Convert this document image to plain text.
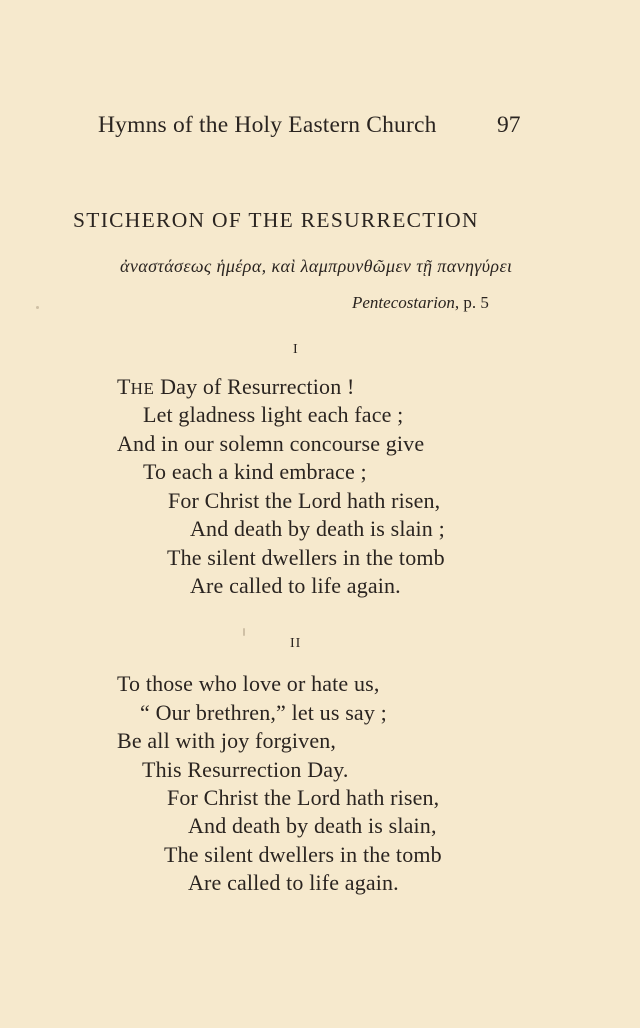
Hymns of the Holy Eastern Church	97
STICHERON OF THE RESURRECTION
ἀναστάσεως ἡμέρα, καὶ λαμπρυνθῶμεν τῇ πανηγύρει
Pentecostarion, p. 5
I
THE Day of Resurrection !
Let gladness light each face ;
And in our solemn concourse give
To each a kind embrace ;
For Christ the Lord hath risen,
And death by death is slain ;
The silent dwellers in the tomb
Are called to life again.
II
To those who love or hate us,
“ Our brethren,” let us say ;
Be all with joy forgiven,
This Resurrection Day.
For Christ the Lord hath risen,
And death by death is slain,
The silent dwellers in the tomb
Are called to life again.
